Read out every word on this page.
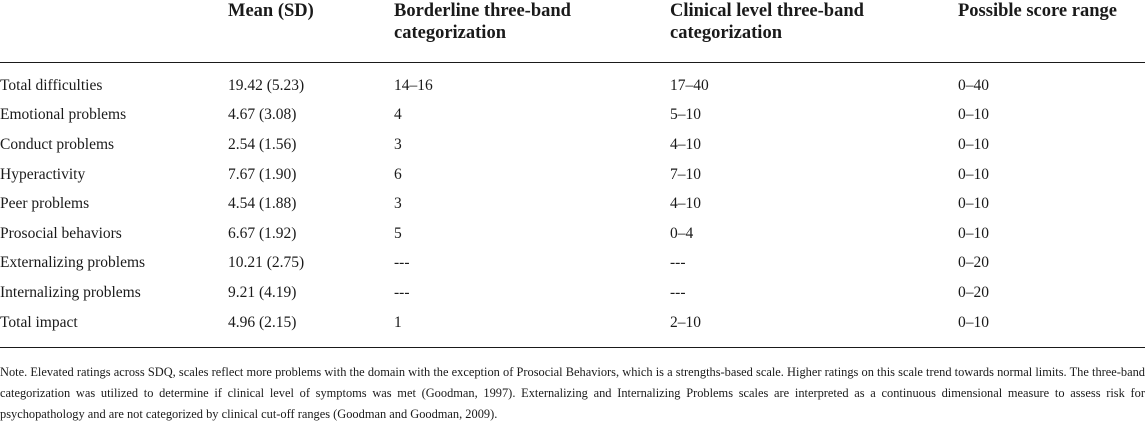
	Mean (SD)	Borderline three-band categorization	Clinical level three-band categorization	Possible score range

Total difficulties	19.42 (5.23)	14–16	17–40	0–40
Emotional problems	4.67 (3.08)	4	5–10	0–10
Conduct problems	2.54 (1.56)	3	4–10	0–10
Hyperactivity	7.67 (1.90)	6	7–10	0–10
Peer problems	4.54 (1.88)	3	4–10	0–10
Prosocial behaviors	6.67 (1.92)	5	0–4	0–10
Externalizing problems	10.21 (2.75)	---	---	0–20
Internalizing problems	9.21 (4.19)	---	---	0–20
Total impact	4.96 (2.15)	1	2–10	0–10
Note. Elevated ratings across SDQ, scales reflect more problems with the domain with the exception of Prosocial Behaviors, which is a strengths-based scale. Higher ratings on this scale trend towards normal limits. The three-band categorization was utilized to determine if clinical level of symptoms was met (Goodman, 1997). Externalizing and Internalizing Problems scales are interpreted as a continuous dimensional measure to assess risk for psychopathology and are not categorized by clinical cut-off ranges (Goodman and Goodman, 2009).
